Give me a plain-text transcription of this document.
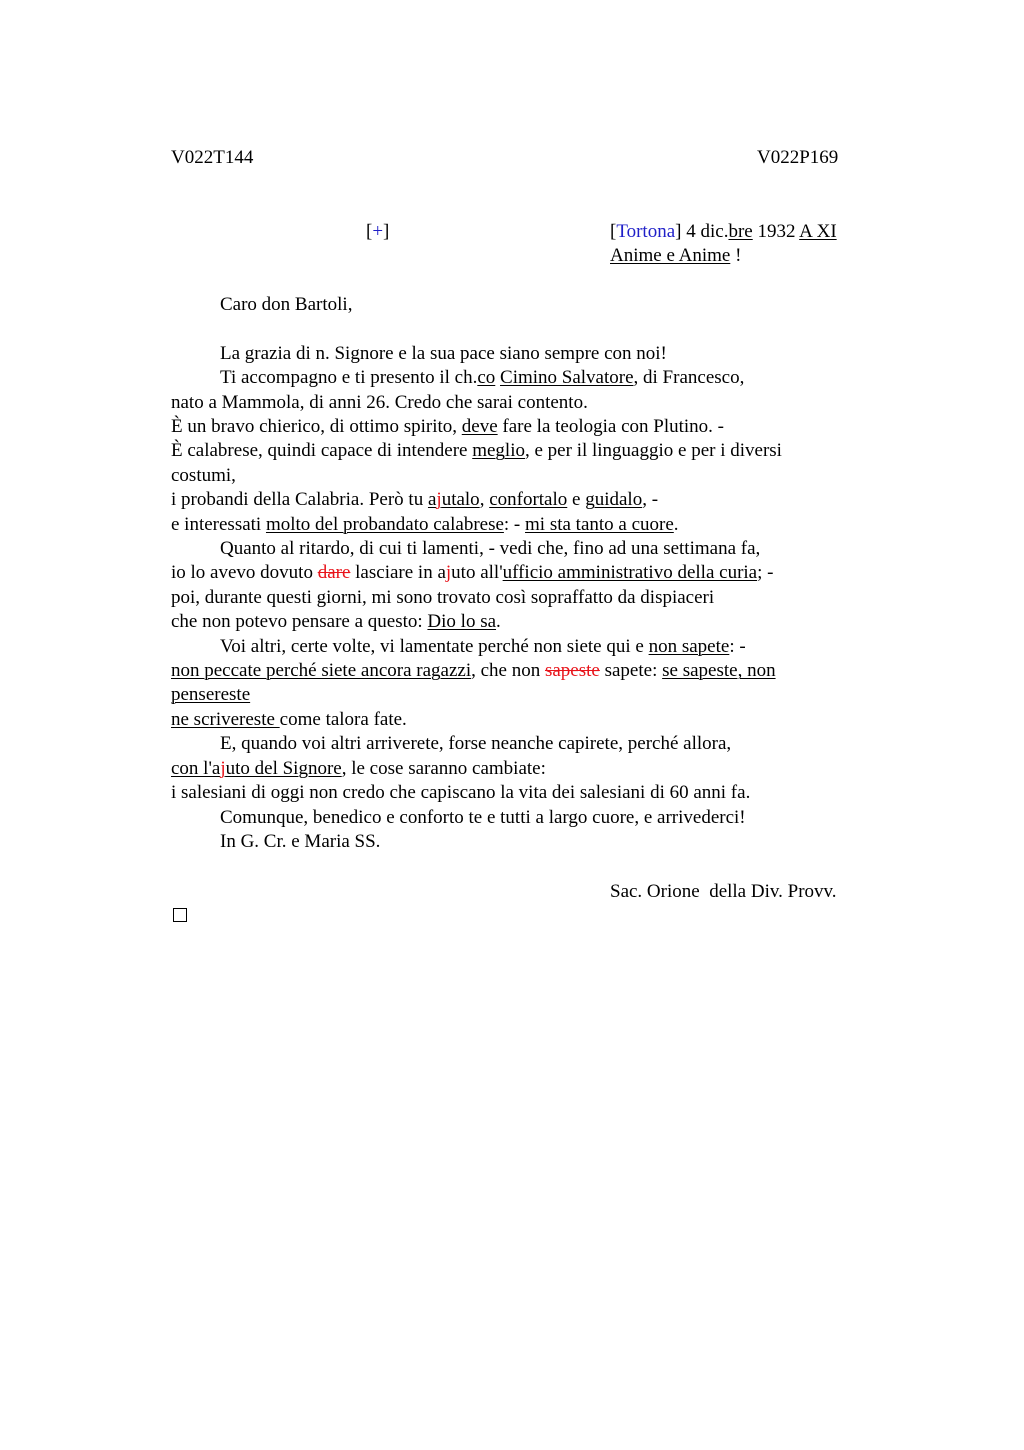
V022T144	V022P169
[+]	[Tortona] 4 dic.bre 1932 A XI
Anime e Anime !
Caro don Bartoli,
La grazia di n. Signore e la sua pace siano sempre con noi!
Ti accompagno e ti presento il ch.co Cimino Salvatore, di Francesco,
nato a Mammola, di anni 26. Credo che sarai contento.
È un bravo chierico, di ottimo spirito, deve fare la teologia con Plutino. -
È calabrese, quindi capace di intendere meglio, e per il linguaggio e per i diversi
costumi,
i probandi della Calabria. Però tu ajutalo, confortalo e guidalo, -
e interessati molto del probandato calabrese: - mi sta tanto a cuore.
Quanto al ritardo, di cui ti lamenti, - vedi che, fino ad una settimana fa,
io lo avevo dovuto dare lasciare in ajuto all'ufficio amministrativo della curia; -
poi, durante questi giorni, mi sono trovato così sopraffatto da dispiaceri
che non potevo pensare a questo: Dio lo sa.
Voi altri, certe volte, vi lamentate perché non siete qui e non sapete: -
non peccate perché siete ancora ragazzi, che non sapeste sapete: se sapeste, non
pensereste
ne scrivereste come talora fate.
E, quando voi altri arriverete, forse neanche capirete, perché allora,
con l'ajuto del Signore, le cose saranno cambiate:
i salesiani di oggi non credo che capiscano la vita dei salesiani di 60 anni fa.
Comunque, benedico e conforto te e tutti a largo cuore, e arrivederci!
In G. Cr. e Maria SS.
Sac. Orione  della Div. Provv.
